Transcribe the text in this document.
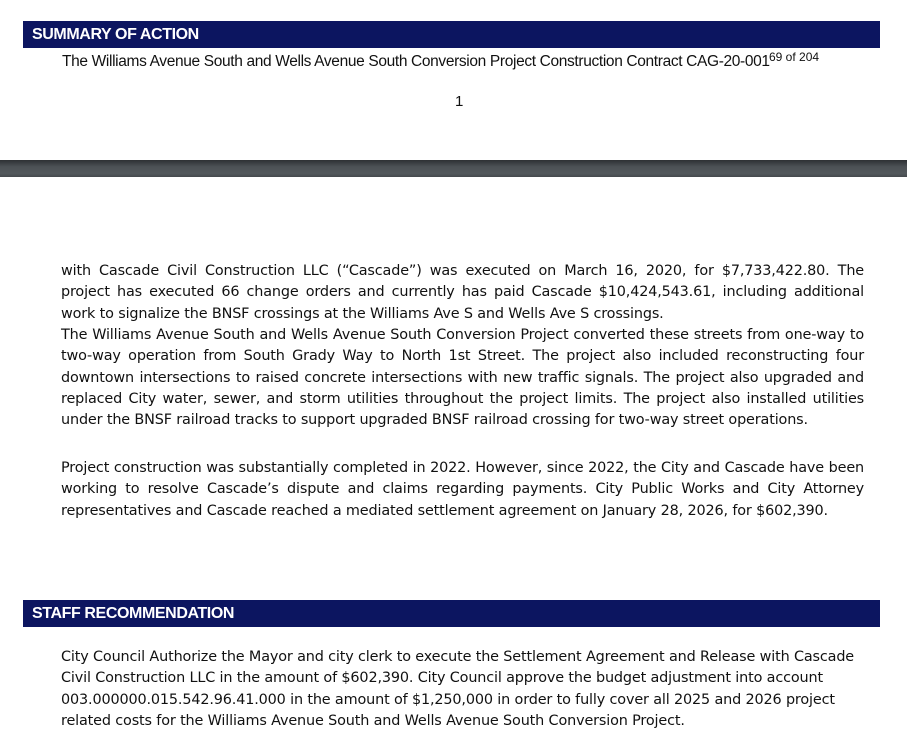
SUMMARY OF ACTION
The Williams Avenue South and Wells Avenue South Conversion Project Construction Contract CAG-20-001 69 of 204
1
with Cascade Civil Construction LLC (“Cascade”) was executed on March 16, 2020, for $7,733,422.80. The project has executed 66 change orders and currently has paid Cascade $10,424,543.61, including additional work to signalize the BNSF crossings at the Williams Ave S and Wells Ave S crossings.
The Williams Avenue South and Wells Avenue South Conversion Project converted these streets from one-way to two-way operation from South Grady Way to North 1st Street. The project also included reconstructing four downtown intersections to raised concrete intersections with new traffic signals. The project also upgraded and replaced City water, sewer, and storm utilities throughout the project limits. The project also installed utilities under the BNSF railroad tracks to support upgraded BNSF railroad crossing for two-way street operations.
Project construction was substantially completed in 2022. However, since 2022, the City and Cascade have been working to resolve Cascade’s dispute and claims regarding payments. City Public Works and City Attorney representatives and Cascade reached a mediated settlement agreement on January 28, 2026, for $602,390.
STAFF RECOMMENDATION
City Council Authorize the Mayor and city clerk to execute the Settlement Agreement and Release with Cascade Civil Construction LLC in the amount of $602,390. City Council approve the budget adjustment into account 003.000000.015.542.96.41.000 in the amount of $1,250,000 in order to fully cover all 2025 and 2026 project related costs for the Williams Avenue South and Wells Avenue South Conversion Project.
